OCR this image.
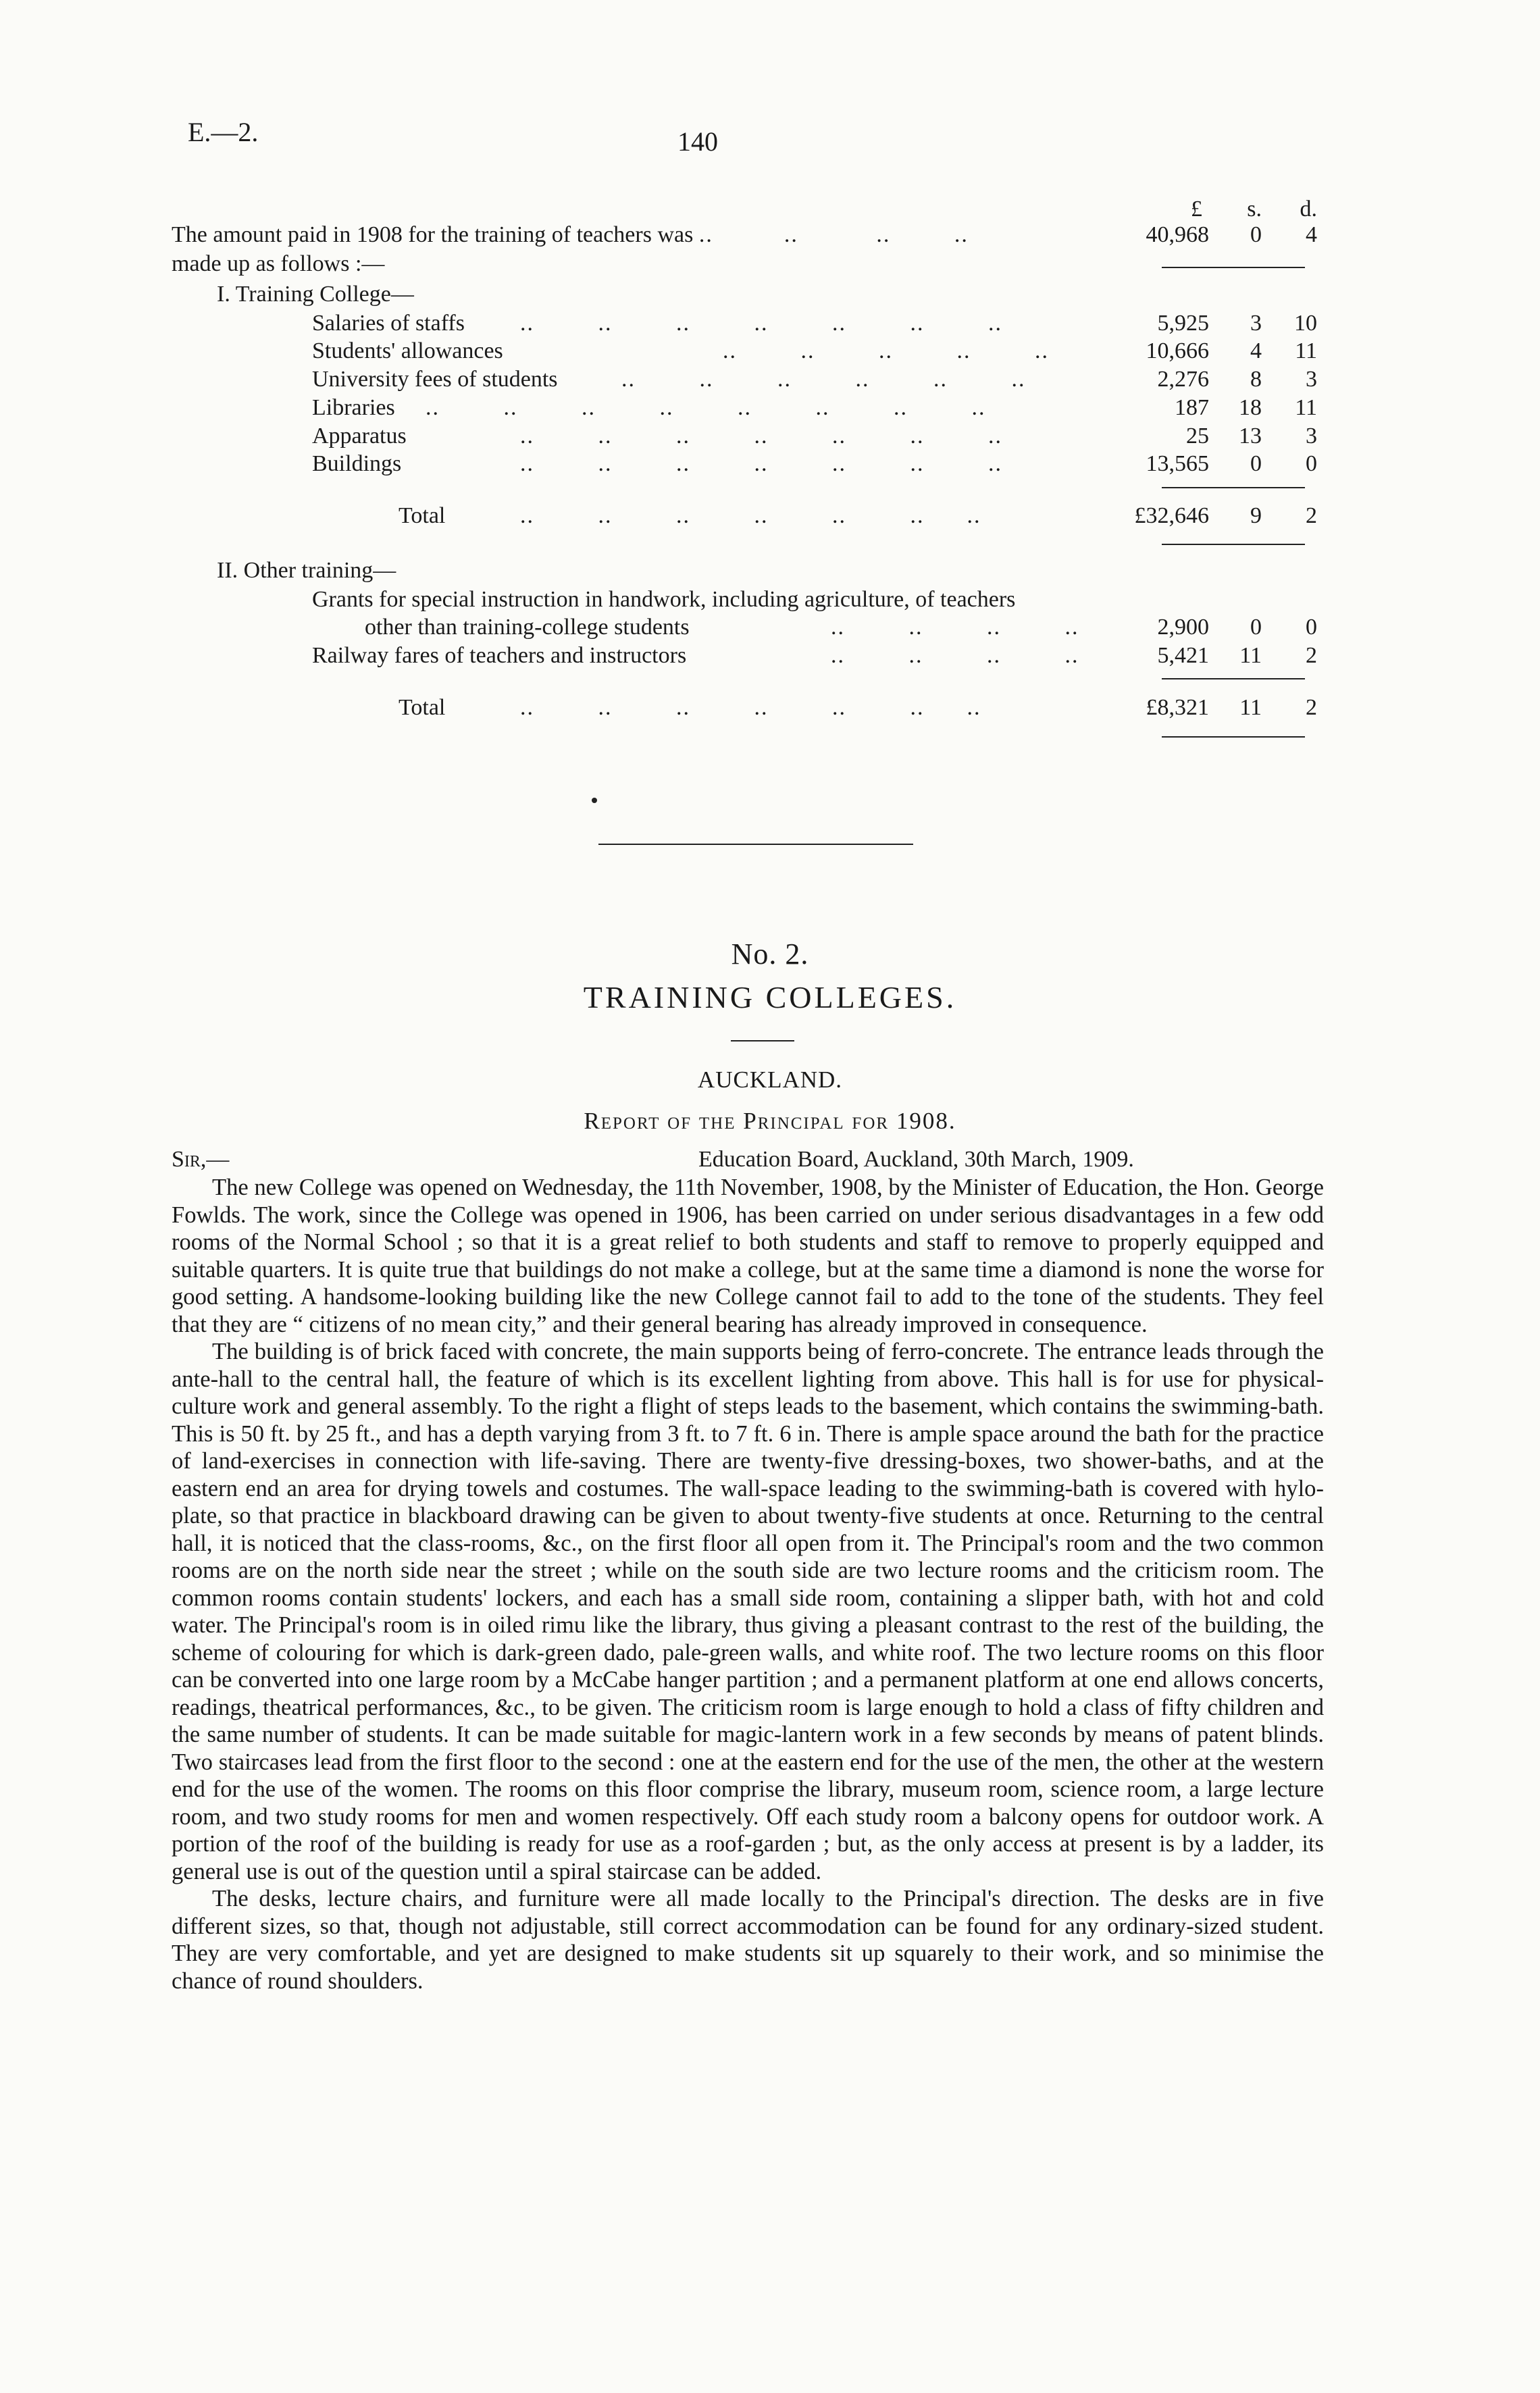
E.—2.	140
£	s.	d.
The amount paid in 1908 for the training of teachers was ..          ..           ..         ..	40,968	0	4
made up as follows :—
I. Training College—
Salaries of staffs ..         ..         ..         ..         ..         ..         ..	5,925	3	10
Students' allowances	..         ..         ..         ..         ..	10,666	4	11
University fees of students	..         ..         ..         ..         ..         ..	2,276	8	3
Libraries ..         ..         ..         ..         ..         ..         ..         ..	187	18	11
Apparatus	..         ..         ..         ..         ..         ..         ..	25	13	3
Buildings	..         ..         ..         ..         ..         ..         ..	13,565	0	0
Total	..         ..         ..         ..         ..         ..      ..	£32,646	9	2
II. Other training—
Grants for special instruction in handwork, including agriculture, of teachers
other than training-college students	..         ..         ..         ..	2,900	0	0
Railway fares of teachers and instructors	..         ..         ..         ..	5,421	11	2
Total	..         ..         ..         ..         ..         ..      ..	£8,321	11	2
No. 2.
TRAINING COLLEGES.
AUCKLAND.
Report of the Principal for 1908.
Sir,—	Education Board, Auckland, 30th March, 1909.

The new College was opened on Wednesday, the 11th November, 1908, by the Minister of Education, the Hon. George Fowlds. The work, since the College was opened in 1906, has been carried on under serious disadvantages in a few odd rooms of the Normal School ; so that it is a great relief to both students and staff to remove to properly equipped and suitable quarters. It is quite true that buildings do not make a college, but at the same time a diamond is none the worse for good setting. A handsome-looking building like the new College cannot fail to add to the tone of the students. They feel that they are “ citizens of no mean city,” and their general bearing has already improved in consequence.

The building is of brick faced with concrete, the main supports being of ferro-concrete. The entrance leads through the ante-hall to the central hall, the feature of which is its excellent lighting from above. This hall is for use for physical-culture work and general assembly. To the right a flight of steps leads to the basement, which contains the swimming-bath. This is 50 ft. by 25 ft., and has a depth varying from 3 ft. to 7 ft. 6 in. There is ample space around the bath for the practice of land-exercises in connection with life-saving. There are twenty-five dressing-boxes, two shower-baths, and at the eastern end an area for drying towels and costumes. The wall-space leading to the swimming-bath is covered with hylo-plate, so that practice in blackboard drawing can be given to about twenty-five students at once. Returning to the central hall, it is noticed that the class-rooms, &c., on the first floor all open from it. The Principal's room and the two common rooms are on the north side near the street ; while on the south side are two lecture rooms and the criticism room. The common rooms contain students' lockers, and each has a small side room, containing a slipper bath, with hot and cold water. The Principal's room is in oiled rimu like the library, thus giving a pleasant contrast to the rest of the building, the scheme of colouring for which is dark-green dado, pale-green walls, and white roof. The two lecture rooms on this floor can be converted into one large room by a McCabe hanger partition ; and a permanent platform at one end allows concerts, readings, theatrical performances, &c., to be given. The criticism room is large enough to hold a class of fifty children and the same number of students. It can be made suitable for magic-lantern work in a few seconds by means of patent blinds. Two staircases lead from the first floor to the second : one at the eastern end for the use of the men, the other at the western end for the use of the women. The rooms on this floor comprise the library, museum room, science room, a large lecture room, and two study rooms for men and women respectively. Off each study room a balcony opens for outdoor work. A portion of the roof of the building is ready for use as a roof-garden ; but, as the only access at present is by a ladder, its general use is out of the question until a spiral staircase can be added.

The desks, lecture chairs, and furniture were all made locally to the Principal's direction. The desks are in five different sizes, so that, though not adjustable, still correct accommodation can be found for any ordinary-sized student. They are very comfortable, and yet are designed to make students sit up squarely to their work, and so minimise the chance of round shoulders.
